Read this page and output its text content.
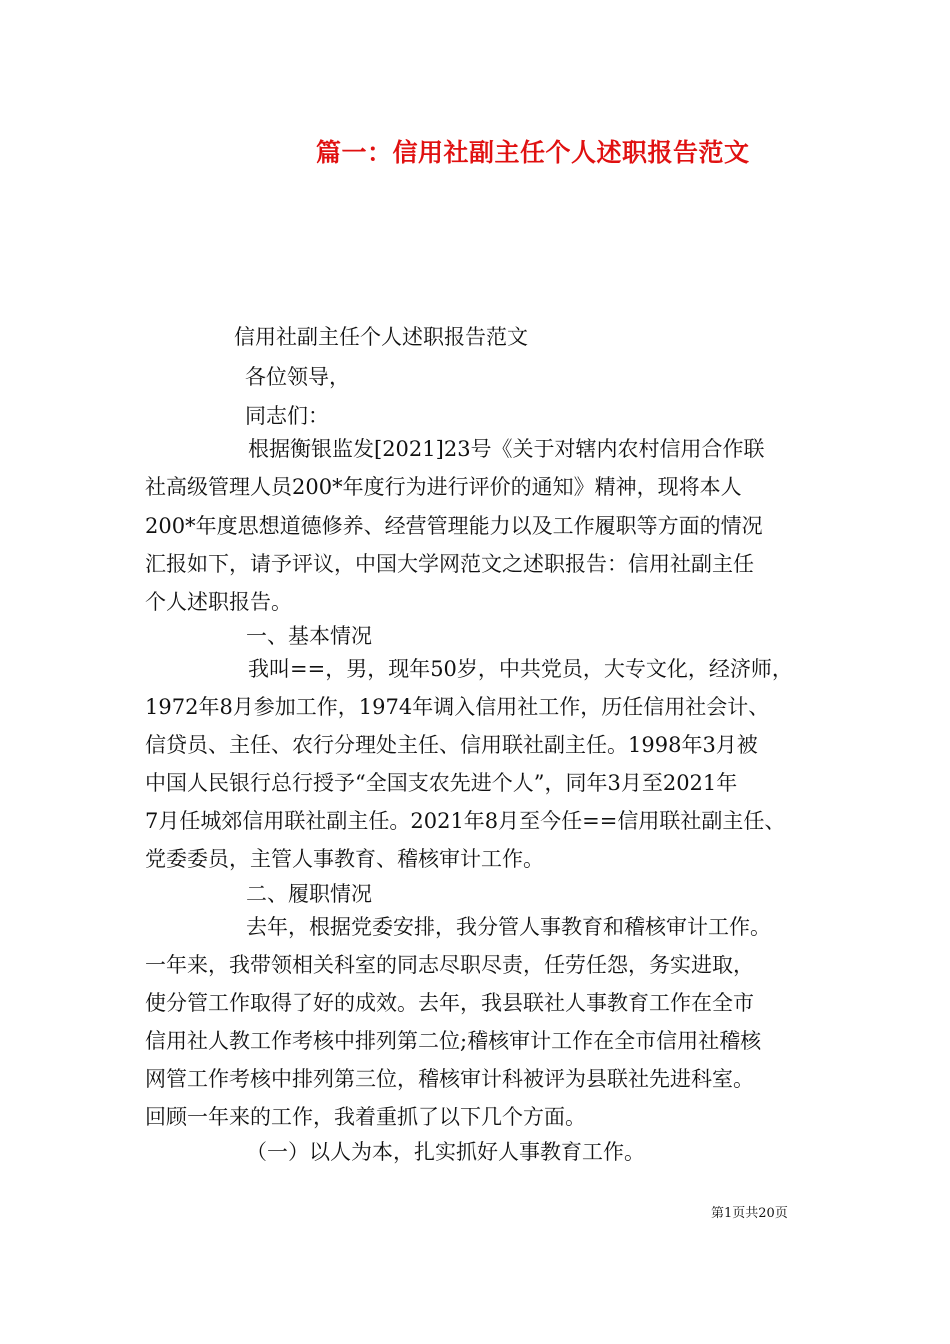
篇一：信用社副主任个人述职报告范文
信用社副主任个人述职报告范文
各位领导，
同志们：
根据衡银监发[2021]23号《关于对辖内农村信用合作联
社高级管理人员200*年度行为进行评价的通知》精神，现将本人
200*年度思想道德修养、经营管理能力以及工作履职等方面的情况
汇报如下，请予评议，中国大学网范文之述职报告：信用社副主任
个人述职报告。
一、基本情况
我叫==，男，现年50岁，中共党员，大专文化，经济师，
1972年8月参加工作，1974年调入信用社工作，历任信用社会计、
信贷员、主任、农行分理处主任、信用联社副主任。1998年3月被
中国人民银行总行授予“全国支农先进个人”，同年3月至2021年
7月任城郊信用联社副主任。2021年8月至今任==信用联社副主任、
党委委员，主管人事教育、稽核审计工作。
二、履职情况
去年，根据党委安排，我分管人事教育和稽核审计工作。
一年来，我带领相关科室的同志尽职尽责，任劳任怨，务实进取，
使分管工作取得了好的成效。去年，我县联社人事教育工作在全市
信用社人教工作考核中排列第二位;稽核审计工作在全市信用社稽核
网管工作考核中排列第三位，稽核审计科被评为县联社先进科室。
回顾一年来的工作，我着重抓了以下几个方面。
（一）以人为本，扎实抓好人事教育工作。
第1页共20页
